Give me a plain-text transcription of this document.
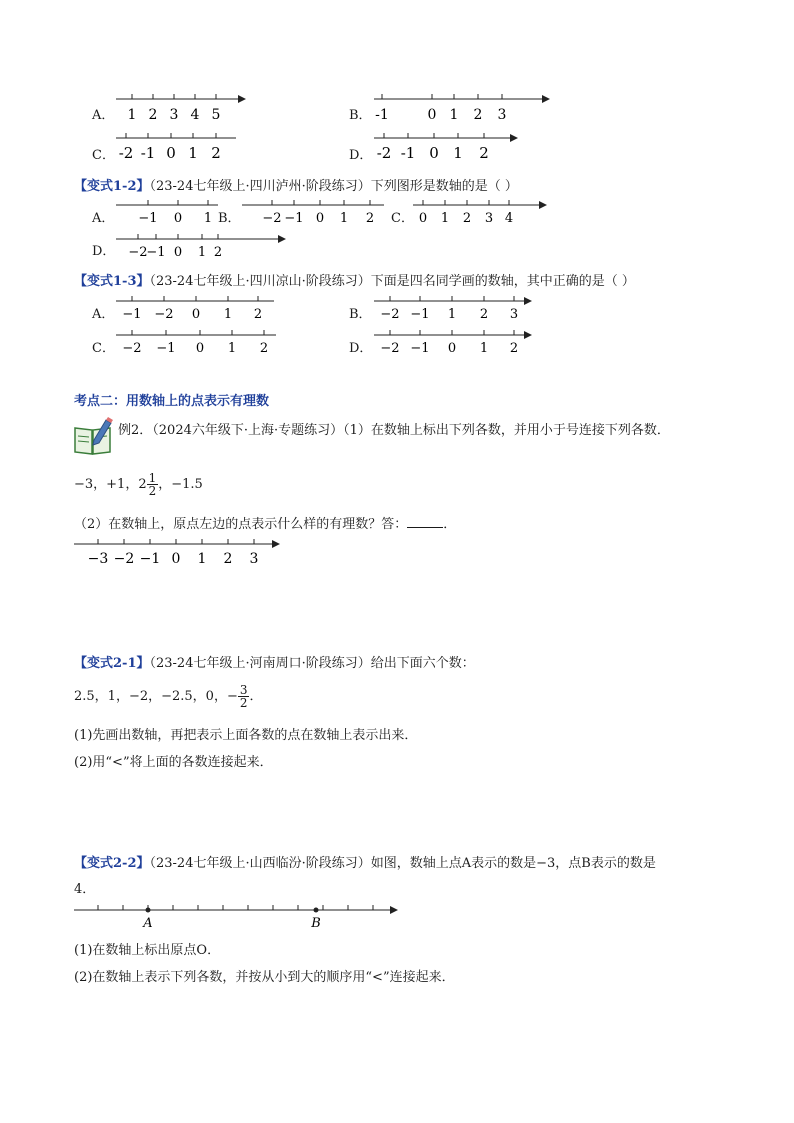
A． 1 2 3 4 5	B． -1	0 1 2 3
C． -2 -1 0 1 2	D． -2 -1 0 1 2
【变式1-2】（23-24七年级上·四川泸州·阶段练习）下列图形是数轴的是（ ）
A． −1 0 1 B． −2 −1 0 1 2 C． 0 1 2 3 4
D． −2
−1 0 1 2
【变式1-3】（23-24七年级上·四川凉山·阶段练习）下面是四名同学画的数轴，其中正确的是（ ）
A． −1 −2 0 1 2	B． −2 −1 1 2 3
C． −2 −1 0 1 2	D． −2 −1 0 1 2
考点二：用数轴上的点表示有理数
例2．（2024六年级下·上海·专题练习）（1）在数轴上标出下列各数，并用小于号连接下列各数．
−3，+1，$2 \frac{1}{2}$ ，−1.5
（2）在数轴上，原点左边的点表示什么样的有理数？答：	．
−3 −2 −1 0 1 2 3
【变式2-1】（23-24七年级上·河南周口·阶段练习）给出下面六个数：
2.5，1，−2，−2.5，0，− $\frac{3}{2}$ ．
(1)先画出数轴，再把表示上面各数的点在数轴上表示出来．
(2)用“<”将上面的各数连接起来．
【变式2-2】（23-24七年级上·山西临汾·阶段练习）如图，数轴上点A表示的数是−3，点B表示的数是
4．
A	B
(1)在数轴上标出原点O．
(2)在数轴上表示下列各数，并按从小到大的顺序用“<”连接起来．
